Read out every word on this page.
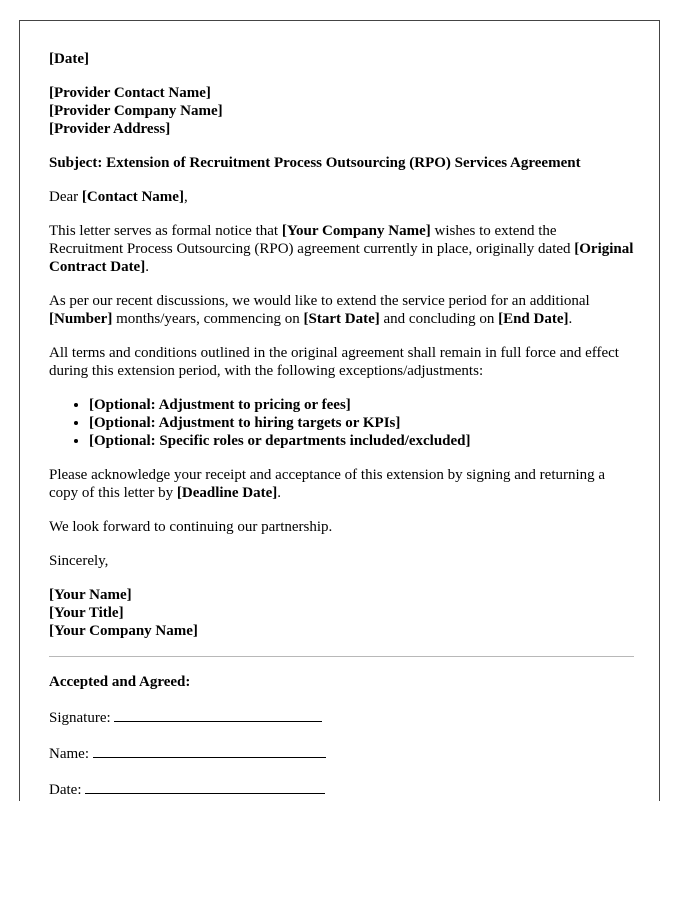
[Date]

[Provider Contact Name]
[Provider Company Name]
[Provider Address]

Subject: Extension of Recruitment Process Outsourcing (RPO) Services Agreement

Dear [Contact Name],

This letter serves as formal notice that [Your Company Name] wishes to extend the Recruitment Process Outsourcing (RPO) agreement currently in place, originally dated [Original Contract Date].

As per our recent discussions, we would like to extend the service period for an additional [Number] months/years, commencing on [Start Date] and concluding on [End Date].

All terms and conditions outlined in the original agreement shall remain in full force and effect during this extension period, with the following exceptions/adjustments:

• [Optional: Adjustment to pricing or fees]
• [Optional: Adjustment to hiring targets or KPIs]
• [Optional: Specific roles or departments included/excluded]

Please acknowledge your receipt and acceptance of this extension by signing and returning a copy of this letter by [Deadline Date].

We look forward to continuing our partnership.

Sincerely,

[Your Name]
[Your Title]
[Your Company Name]

Accepted and Agreed:

Signature:

Name:

Date:
